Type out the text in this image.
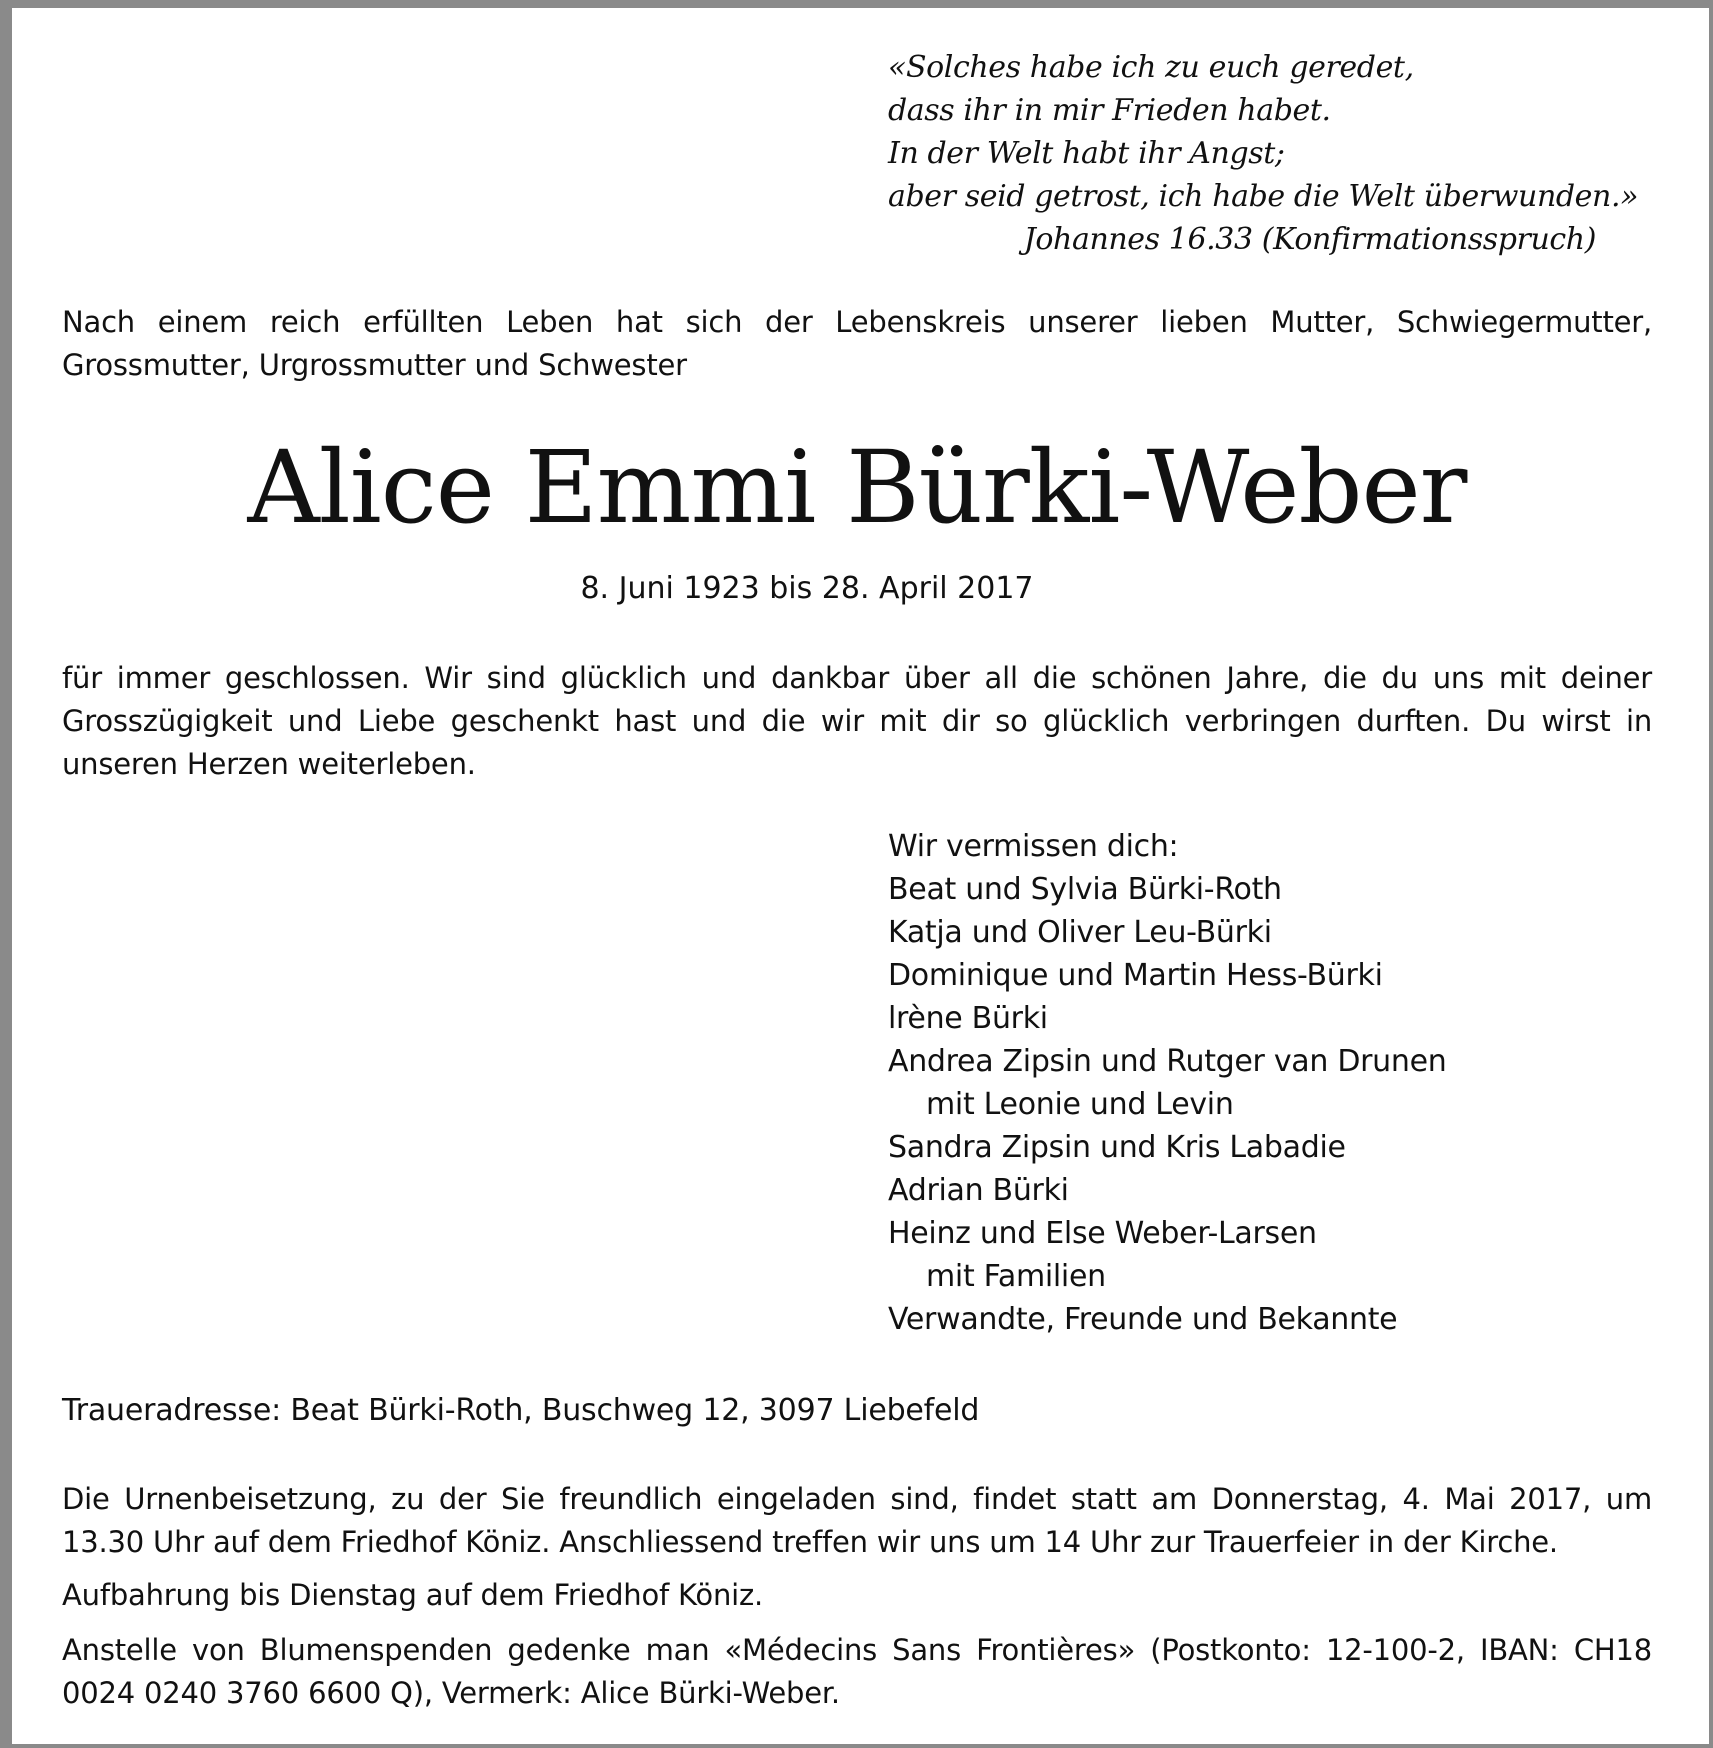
«Solches habe ich zu euch geredet,
dass ihr in mir Frieden habet.
In der Welt habt ihr Angst;
aber seid getrost, ich habe die Welt überwunden.»
Johannes 16.33 (Konfirmationsspruch)
Nach einem reich erfüllten Leben hat sich der Lebenskreis unserer lieben Mutter, Schwiegermutter, Grossmutter, Urgrossmutter und Schwester
Alice Emmi Bürki-Weber
8. Juni 1923 bis 28. April 2017
für immer geschlossen. Wir sind glücklich und dankbar über all die schönen Jahre, die du uns mit deiner Grosszügigkeit und Liebe geschenkt hast und die wir mit dir so glücklich verbringen durften. Du wirst in unseren Herzen weiterleben.
Wir vermissen dich:
Beat und Sylvia Bürki-Roth
Katja und Oliver Leu-Bürki
Dominique und Martin Hess-Bürki
lrène Bürki
Andrea Zipsin und Rutger van Drunen
mit Leonie und Levin
Sandra Zipsin und Kris Labadie
Adrian Bürki
Heinz und Else Weber-Larsen
mit Familien
Verwandte, Freunde und Bekannte
Traueradresse: Beat Bürki-Roth, Buschweg 12, 3097 Liebefeld
Die Urnenbeisetzung, zu der Sie freundlich eingeladen sind, findet statt am Donnerstag, 4. Mai 2017, um 13.30 Uhr auf dem Friedhof Köniz. Anschliessend treffen wir uns um 14 Uhr zur Trauerfeier in der Kirche.
Aufbahrung bis Dienstag auf dem Friedhof Köniz.
Anstelle von Blumenspenden gedenke man «Médecins Sans Frontières» (Postkonto: 12-100-2, IBAN: CH18 0024 0240 3760 6600 Q), Vermerk: Alice Bürki-Weber.
